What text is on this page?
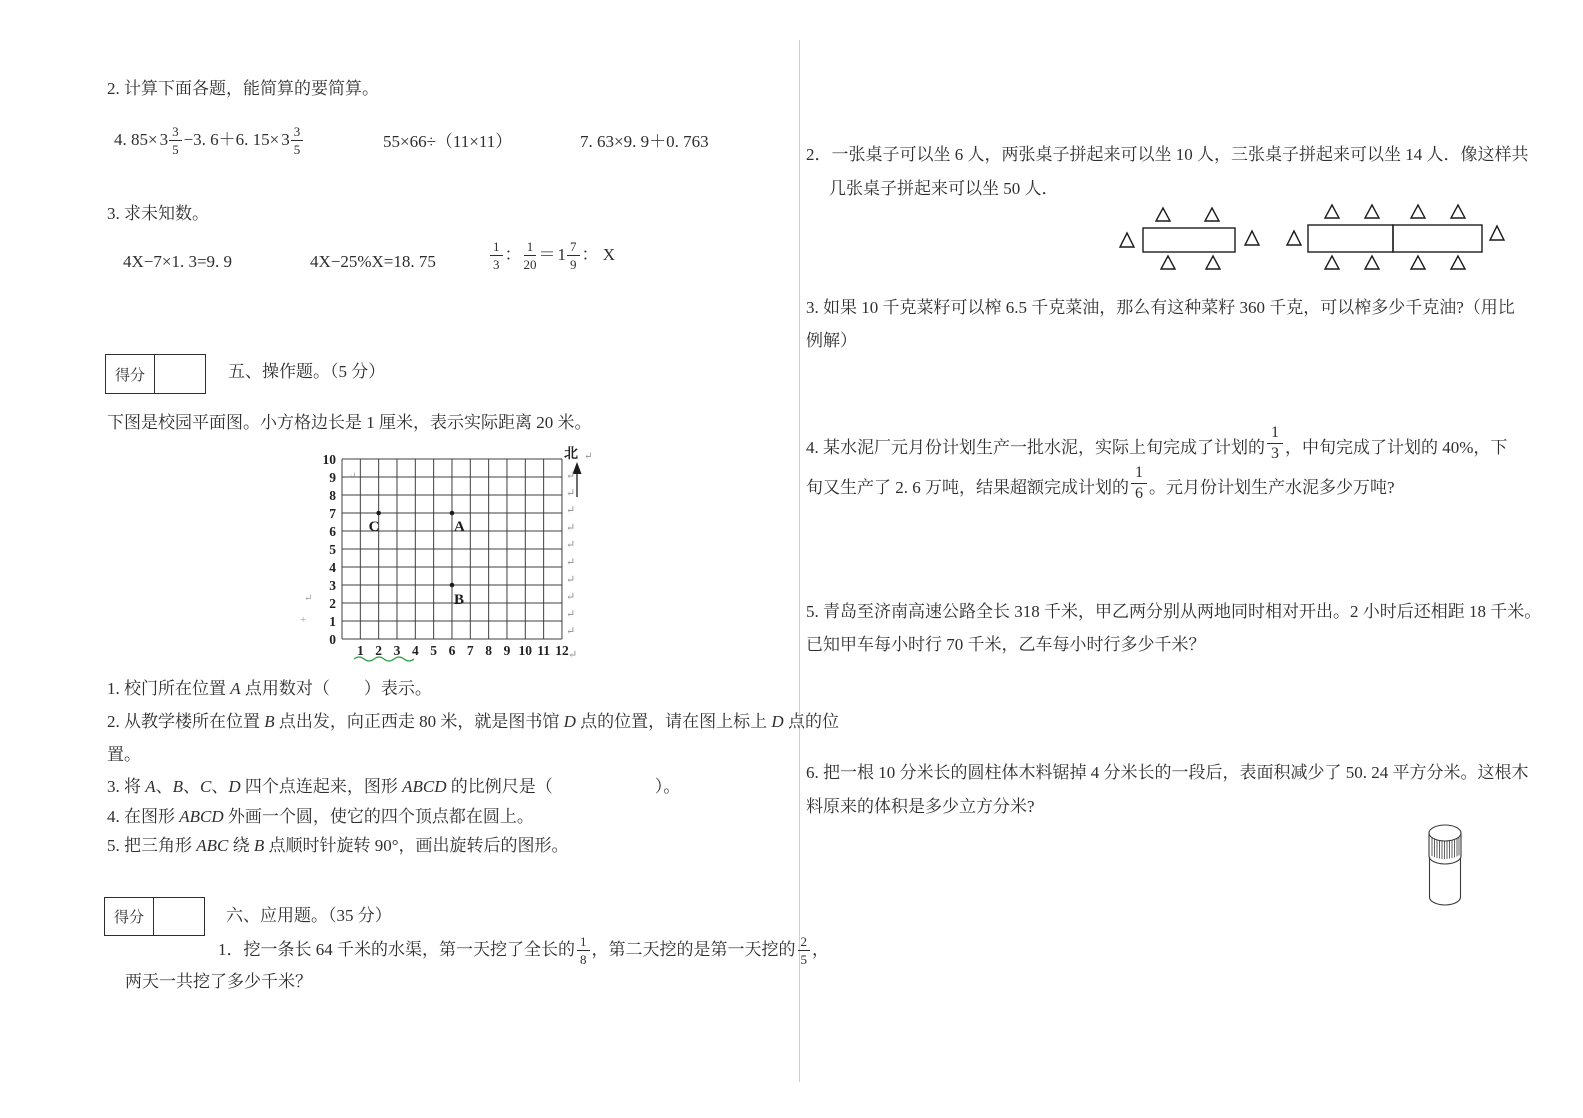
2. 计算下面各题，能简算的要简算。
4. $85\times 3 \frac{3}{5} -3$. 6＋6. $15\times 3 \frac{3}{5}$	55×66÷（11×11）	7. 63×9. 9＋0. 763
3. 求未知数。
4X−7×1. 3=9. 9	4X−25%X=18. 75	$\frac{1}{3}$ ： $\frac{1}{20} = 1 \frac{7}{9}$ ： X
得分	五、操作题。（5 分）
下图是校园平面图。小方格边长是 1 厘米，表示实际距离 20 米。
10
9
8
7
6
5
4
3
2
1
0
1 2 3 4 5 6 7 8 9 10 11 12
C	A
B
北
↵
↵
↵
↵
↵
↵
↵
↵
↵
↵
↵
↵
↵
↵
+
1. 校门所在位置 A 点用数对（　　）表示。
2. 从教学楼所在位置 B 点出发，向正西走 80 米，就是图书馆 D 点的位置，请在图上标上 D 点的位
置。
3. 将 A、B、C、D 四个点连起来，图形 ABCD 的比例尺是（　　　　　　）。
4. 在图形 ABCD 外画一个圆，使它的四个顶点都在圆上。
5. 把三角形 ABC 绕 B 点顺时针旋转 90°，画出旋转后的图形。
得分	六、应用题。（35 分）
1．挖一条长 64 千米的水渠，第一天挖了全长的 $\frac{1}{8}$ ，第二天挖的是第一天挖的 $\frac{2}{5}$ ，
两天一共挖了多少千米？
2．一张桌子可以坐 6 人，两张桌子拼起来可以坐 10 人，三张桌子拼起来可以坐 14 人．像这样共
几张桌子拼起来可以坐 50 人．
3. 如果 10 千克菜籽可以榨 6.5 千克菜油，那么有这种菜籽 360 千克，可以榨多少千克油?（用比
例解）
4. 某水泥厂元月份计划生产一批水泥，实际上旬完成了计划的 $\frac{1}{3}$ ，中旬完成了计划的 40%，下
旬又生产了 2. 6 万吨，结果超额完成计划的 $\frac{1}{6}$ 。元月份计划生产水泥多少万吨?
5. 青岛至济南高速公路全长 318 千米，甲乙两分别从两地同时相对开出。2 小时后还相距 18 千米。
已知甲车每小时行 70 千米，乙车每小时行多少千米？
6. 把一根 10 分米长的圆柱体木料锯掉 4 分米长的一段后，表面积减少了 50. 24 平方分米。这根木
料原来的体积是多少立方分米?
